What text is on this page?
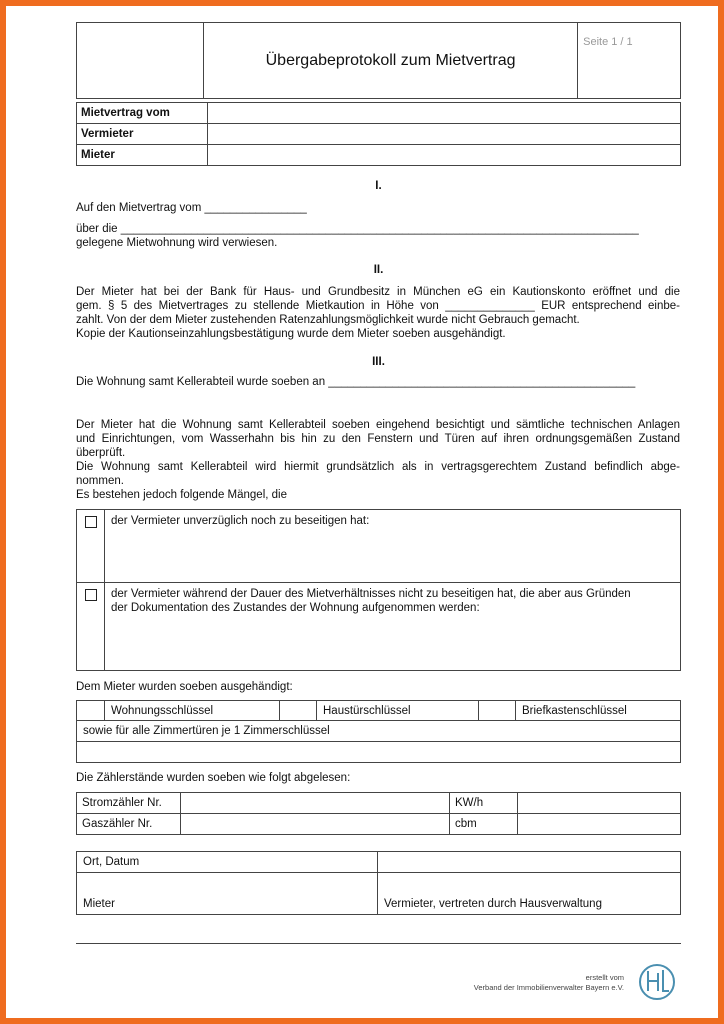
	Übergabeprotokoll zum Mietvertrag	Seite 1 / 1
Mietvertrag vom	
Vermieter	
Mieter	
I.
Auf den Mietvertrag vom ________________
über die _________________________________________________________________________________
gelegene Mietwohnung wird verwiesen.
II.
Der Mieter hat bei der Bank für Haus- und Grundbesitz in München eG ein Kautionskonto eröffnet und die
gem. § 5 des Mietvertrages zu stellende Mietkaution in Höhe von ______________ EUR entsprechend einbe-
zahlt. Von der dem Mieter zustehenden Ratenzahlungsmöglichkeit wurde nicht Gebrauch gemacht.
Kopie der Kautionseinzahlungsbestätigung wurde dem Mieter soeben ausgehändigt.
III.
Die Wohnung samt Kellerabteil wurde soeben an ________________________________________________
Der Mieter hat die Wohnung samt Kellerabteil soeben eingehend besichtigt und sämtliche technischen Anlagen
und Einrichtungen, vom Wasserhahn bis hin zu den Fenstern und Türen auf ihren ordnungsgemäßen Zustand
überprüft.
Die Wohnung samt Kellerabteil wird hiermit grundsätzlich als in vertragsgerechtem Zustand befindlich abge-
nommen.
Es bestehen jedoch folgende Mängel, die

	der Vermieter unverzüglich noch zu beseitigen hat:

	der Vermieter während der Dauer des Mietverhältnisses nicht zu beseitigen hat, die aber aus Gründen
der Dokumentation des Zustandes der Wohnung aufgenommen werden:
Dem Mieter wurden soeben ausgehändigt:
	Wohnungsschlüssel		Haustürschlüssel		Briefkastenschlüssel
sowie für alle Zimmertüren je 1 Zimmerschlüssel

Die Zählerstände wurden soeben wie folgt abgelesen:
Stromzähler Nr.		KW/h	
Gaszähler Nr.		cbm	
Ort, Datum	
Mieter	Vermieter, vertreten durch Hausverwaltung
erstellt vom
Verband der Immobilienverwalter Bayern e.V.
